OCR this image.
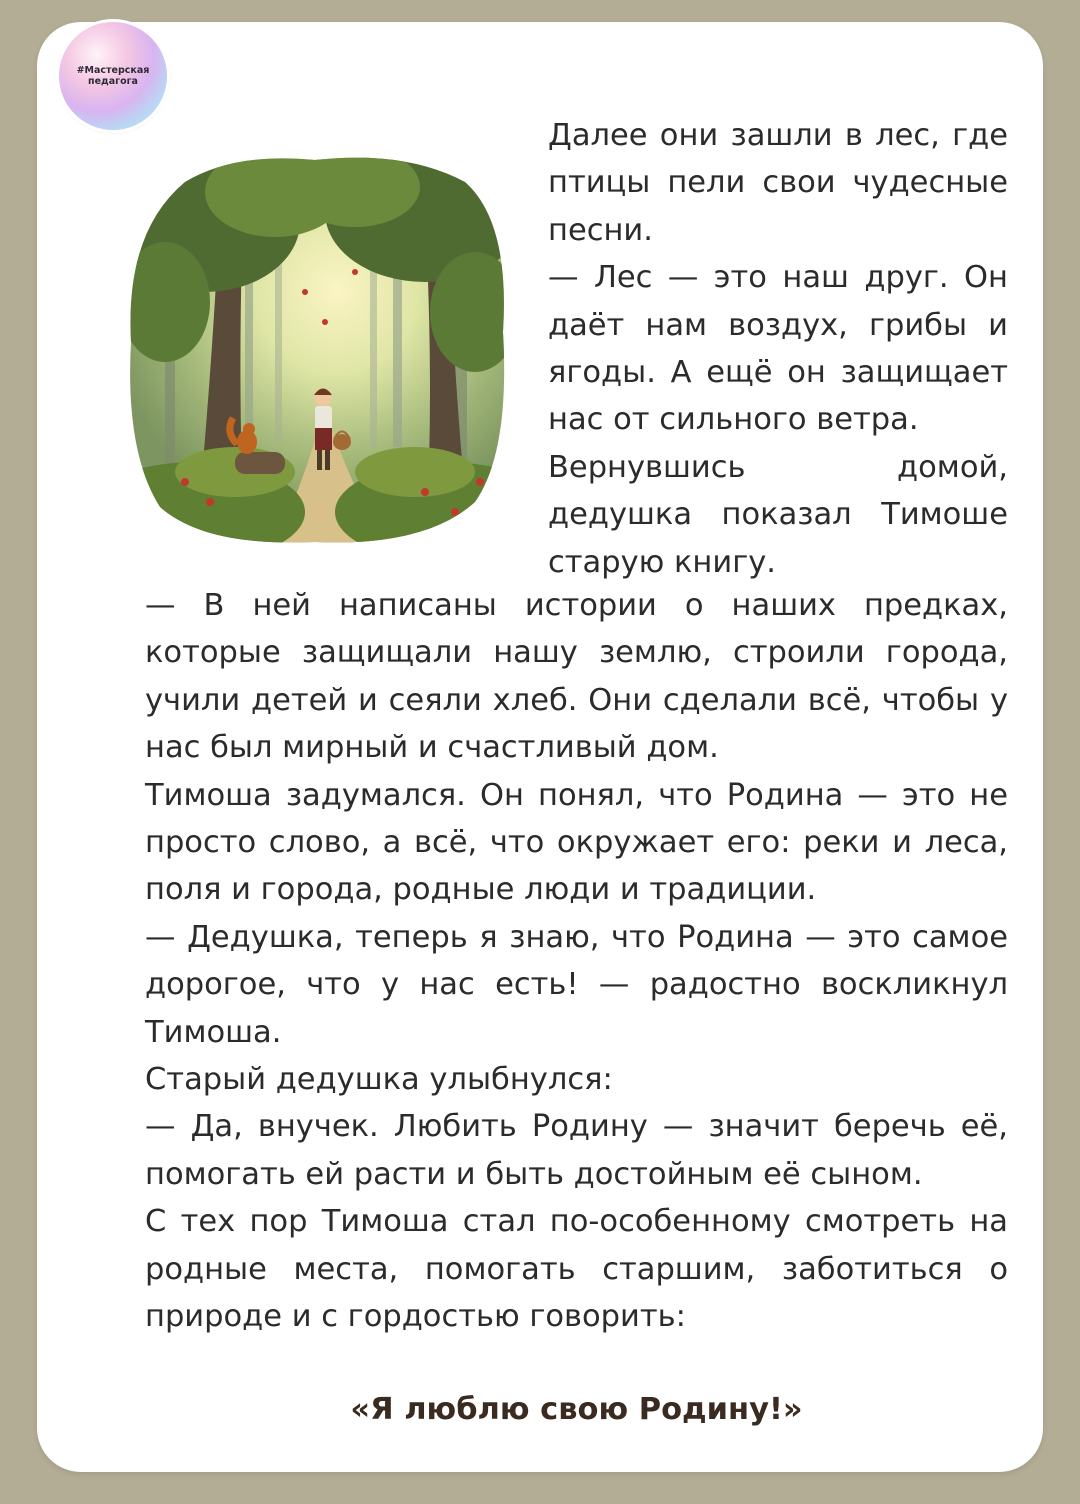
#Мастерская педагога

Далее они зашли в лес, где птицы пели свои чудесные песни.

— Лес — это наш друг. Он даёт нам воздух, грибы и ягоды. А ещё он защищает нас от сильного ветра.

Вернувшись домой, дедушка показал Тимоше старую книгу.

— В ней написаны истории о наших предках, которые защищали нашу землю, строили города, учили детей и сеяли хлеб. Они сделали всё, чтобы у нас был мирный и счастливый дом.

Тимоша задумался. Он понял, что Родина — это не просто слово, а всё, что окружает его: реки и леса, поля и города, родные люди и традиции.

— Дедушка, теперь я знаю, что Родина — это самое дорогое, что у нас есть! — радостно воскликнул Тимоша.

Старый дедушка улыбнулся:

— Да, внучек. Любить Родину — значит беречь её, помогать ей расти и быть достойным её сыном.

С тех пор Тимоша стал по-особенному смотреть на родные места, помогать старшим, заботиться о природе и с гордостью говорить:

«Я люблю свою Родину!»
